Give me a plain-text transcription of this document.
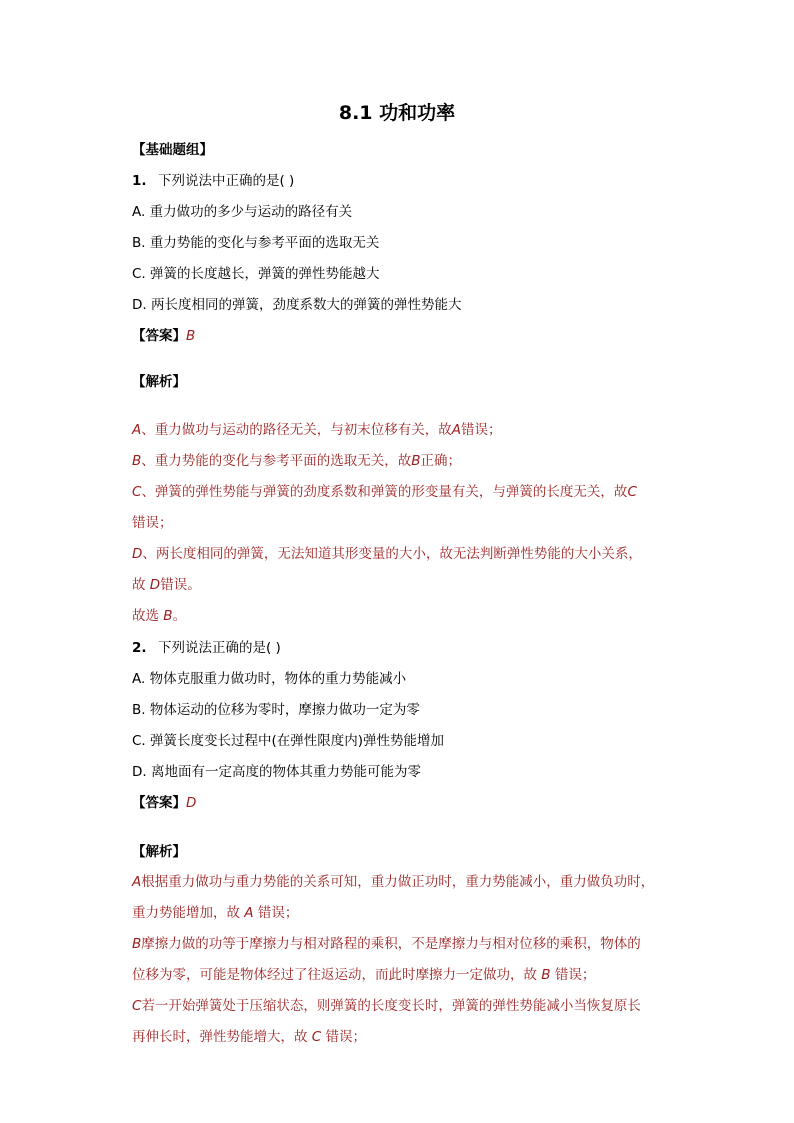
8.1 功和功率
【基础题组】
1. 下列说法中正确的是( )
A. 重力做功的多少与运动的路径有关
B. 重力势能的变化与参考平面的选取无关
C. 弹簧的长度越长，弹簧的弹性势能越大
D. 两长度相同的弹簧，劲度系数大的弹簧的弹性势能大
【答案】B
【解析】
A、重力做功与运动的路径无关，与初末位移有关，故A错误；
B、重力势能的变化与参考平面的选取无关，故B正确；
C、弹簧的弹性势能与弹簧的劲度系数和弹簧的形变量有关，与弹簧的长度无关，故C
错误；
D、两长度相同的弹簧，无法知道其形变量的大小，故无法判断弹性势能的大小关系，
故 D错误。
故选 B。
2. 下列说法正确的是( )
A. 物体克服重力做功时，物体的重力势能减小
B. 物体运动的位移为零时，摩擦力做功一定为零
C. 弹簧长度变长过程中(在弹性限度内)弹性势能增加
D. 离地面有一定高度的物体其重力势能可能为零
【答案】D
【解析】
A根据重力做功与重力势能的关系可知，重力做正功时，重力势能减小，重力做负功时，
重力势能增加，故 A 错误；
B摩擦力做的功等于摩擦力与相对路程的乘积，不是摩擦力与相对位移的乘积，物体的
位移为零，可能是物体经过了往返运动，而此时摩擦力一定做功，故 B 错误；
C若一开始弹簧处于压缩状态，则弹簧的长度变长时，弹簧的弹性势能减小当恢复原长
再伸长时，弹性势能增大，故 C 错误；
